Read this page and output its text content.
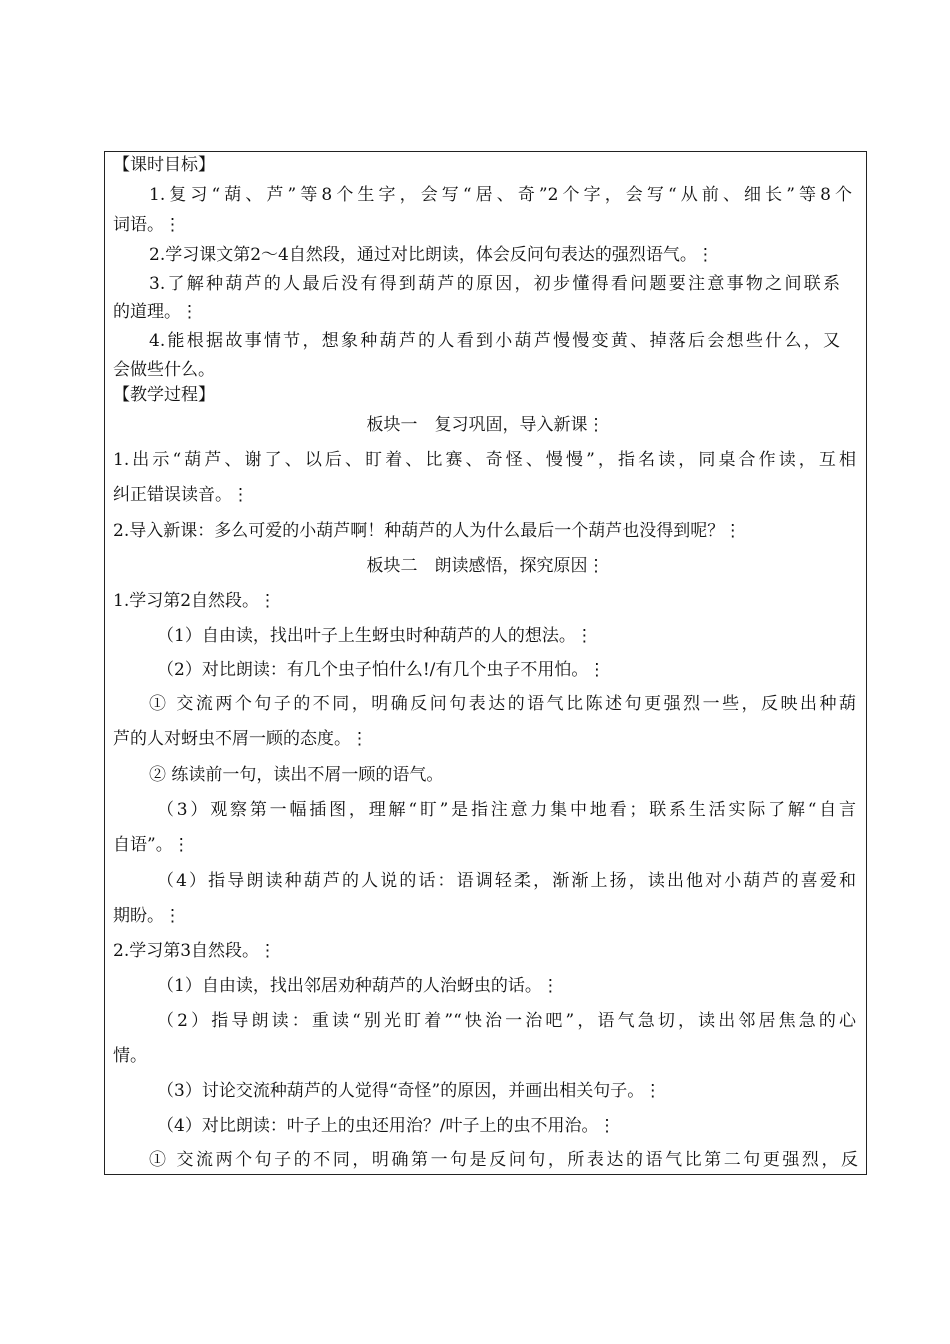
【课时目标】
1.复习“葫、芦”等8个生字，会写“居、奇”2个字，会写“从前、细长”等8个
词语。⋮
2.学习课文第2～4自然段，通过对比朗读，体会反问句表达的强烈语气。⋮
3.了解种葫芦的人最后没有得到葫芦的原因，初步懂得看问题要注意事物之间联系
的道理。⋮
4.能根据故事情节，想象种葫芦的人看到小葫芦慢慢变黄、掉落后会想些什么，又
会做些什么。
【教学过程】
板块一　复习巩固，导入新课⋮
1.出示“葫芦、谢了、以后、盯着、比赛、奇怪、慢慢”，指名读，同桌合作读，互相
纠正错误读音。⋮
2.导入新课：多么可爱的小葫芦啊！种葫芦的人为什么最后一个葫芦也没得到呢？⋮
板块二　朗读感悟，探究原因⋮
1.学习第2自然段。⋮
（1）自由读，找出叶子上生蚜虫时种葫芦的人的想法。⋮
（2）对比朗读：有几个虫子怕什么!/有几个虫子不用怕。⋮
① 交流两个句子的不同，明确反问句表达的语气比陈述句更强烈一些，反映出种葫
芦的人对蚜虫不屑一顾的态度。⋮
② 练读前一句，读出不屑一顾的语气。
（3）观察第一幅插图，理解“盯”是指注意力集中地看；联系生活实际了解“自言
自语”。⋮
（4）指导朗读种葫芦的人说的话：语调轻柔，渐渐上扬，读出他对小葫芦的喜爱和
期盼。⋮
2.学习第3自然段。⋮
（1）自由读，找出邻居劝种葫芦的人治蚜虫的话。⋮
（2）指导朗读：重读“别光盯着”“快治一治吧”，语气急切，读出邻居焦急的心
情。
（3）讨论交流种葫芦的人觉得“奇怪”的原因，并画出相关句子。⋮
（4）对比朗读：叶子上的虫还用治？/叶子上的虫不用治。⋮
① 交流两个句子的不同，明确第一句是反问句，所表达的语气比第二句更强烈，反
